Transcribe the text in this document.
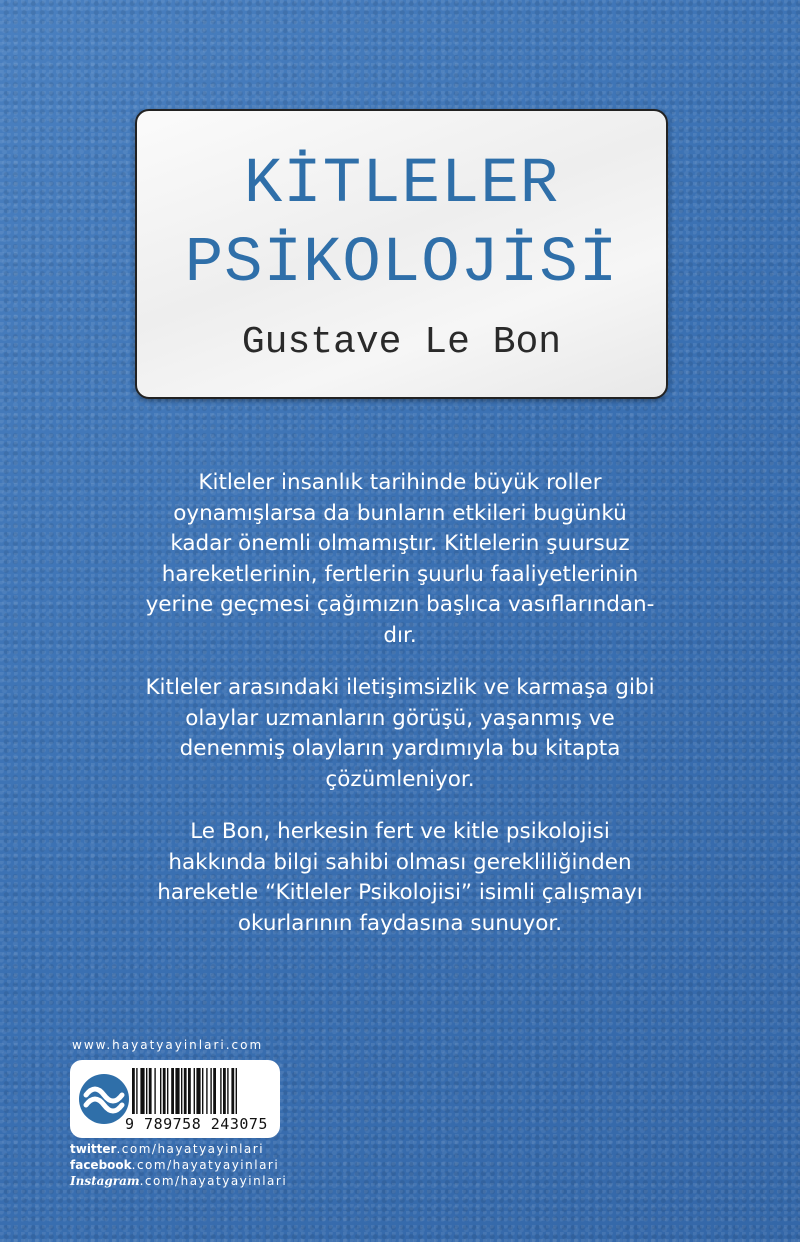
KİTLELER
PSİKOLOJİSİ
Gustave Le Bon

Kitleler insanlık tarihinde büyük roller oynamışlarsa da bunların etkileri bugünkü kadar önemli olmamıştır. Kitlelerin şuursuz hareketlerinin, fertlerin şuurlu faaliyetlerinin yerine geçmesi çağımızın başlıca vasıflarından-dır.

Kitleler arasındaki iletişimsizlik ve karmaşa gibi olaylar uzmanların görüşü, yaşanmış ve denenmiş olayların yardımıyla bu kitapta çözümleniyor.

Le Bon, herkesin fert ve kitle psikolojisi hakkında bilgi sahibi olması gerekliliğinden hareketle “Kitleler Psikolojisi” isimli çalışmayı okurlarının faydasına sunuyor.

www.hayatyayinlari.com
9 789758 243075
twitter.com/hayatyayinlari
facebook.com/hayatyayinlari
Instagram.com/hayatyayinlari
